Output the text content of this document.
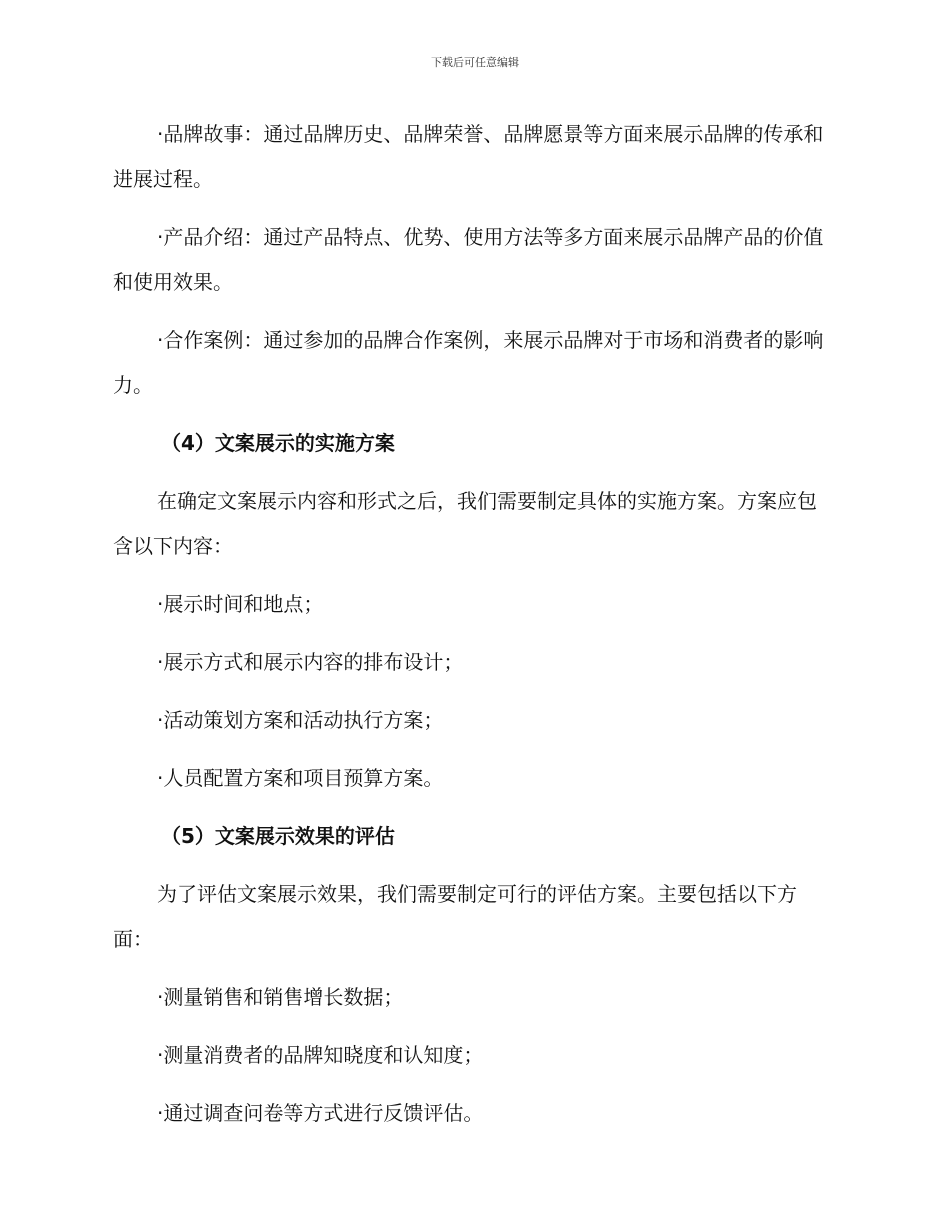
下载后可任意编辑

·品牌故事：通过品牌历史、品牌荣誉、品牌愿景等方面来展示品牌的传承和进展过程。

·产品介绍：通过产品特点、优势、使用方法等多方面来展示品牌产品的价值和使用效果。

·合作案例：通过参加的品牌合作案例，来展示品牌对于市场和消费者的影响力。

（4）文案展示的实施方案

在确定文案展示内容和形式之后，我们需要制定具体的实施方案。方案应包含以下内容：

·展示时间和地点；

·展示方式和展示内容的排布设计；

·活动策划方案和活动执行方案；

·人员配置方案和项目预算方案。

（5）文案展示效果的评估

为了评估文案展示效果，我们需要制定可行的评估方案。主要包括以下方面：

·测量销售和销售增长数据；

·测量消费者的品牌知晓度和认知度；

·通过调查问卷等方式进行反馈评估。
